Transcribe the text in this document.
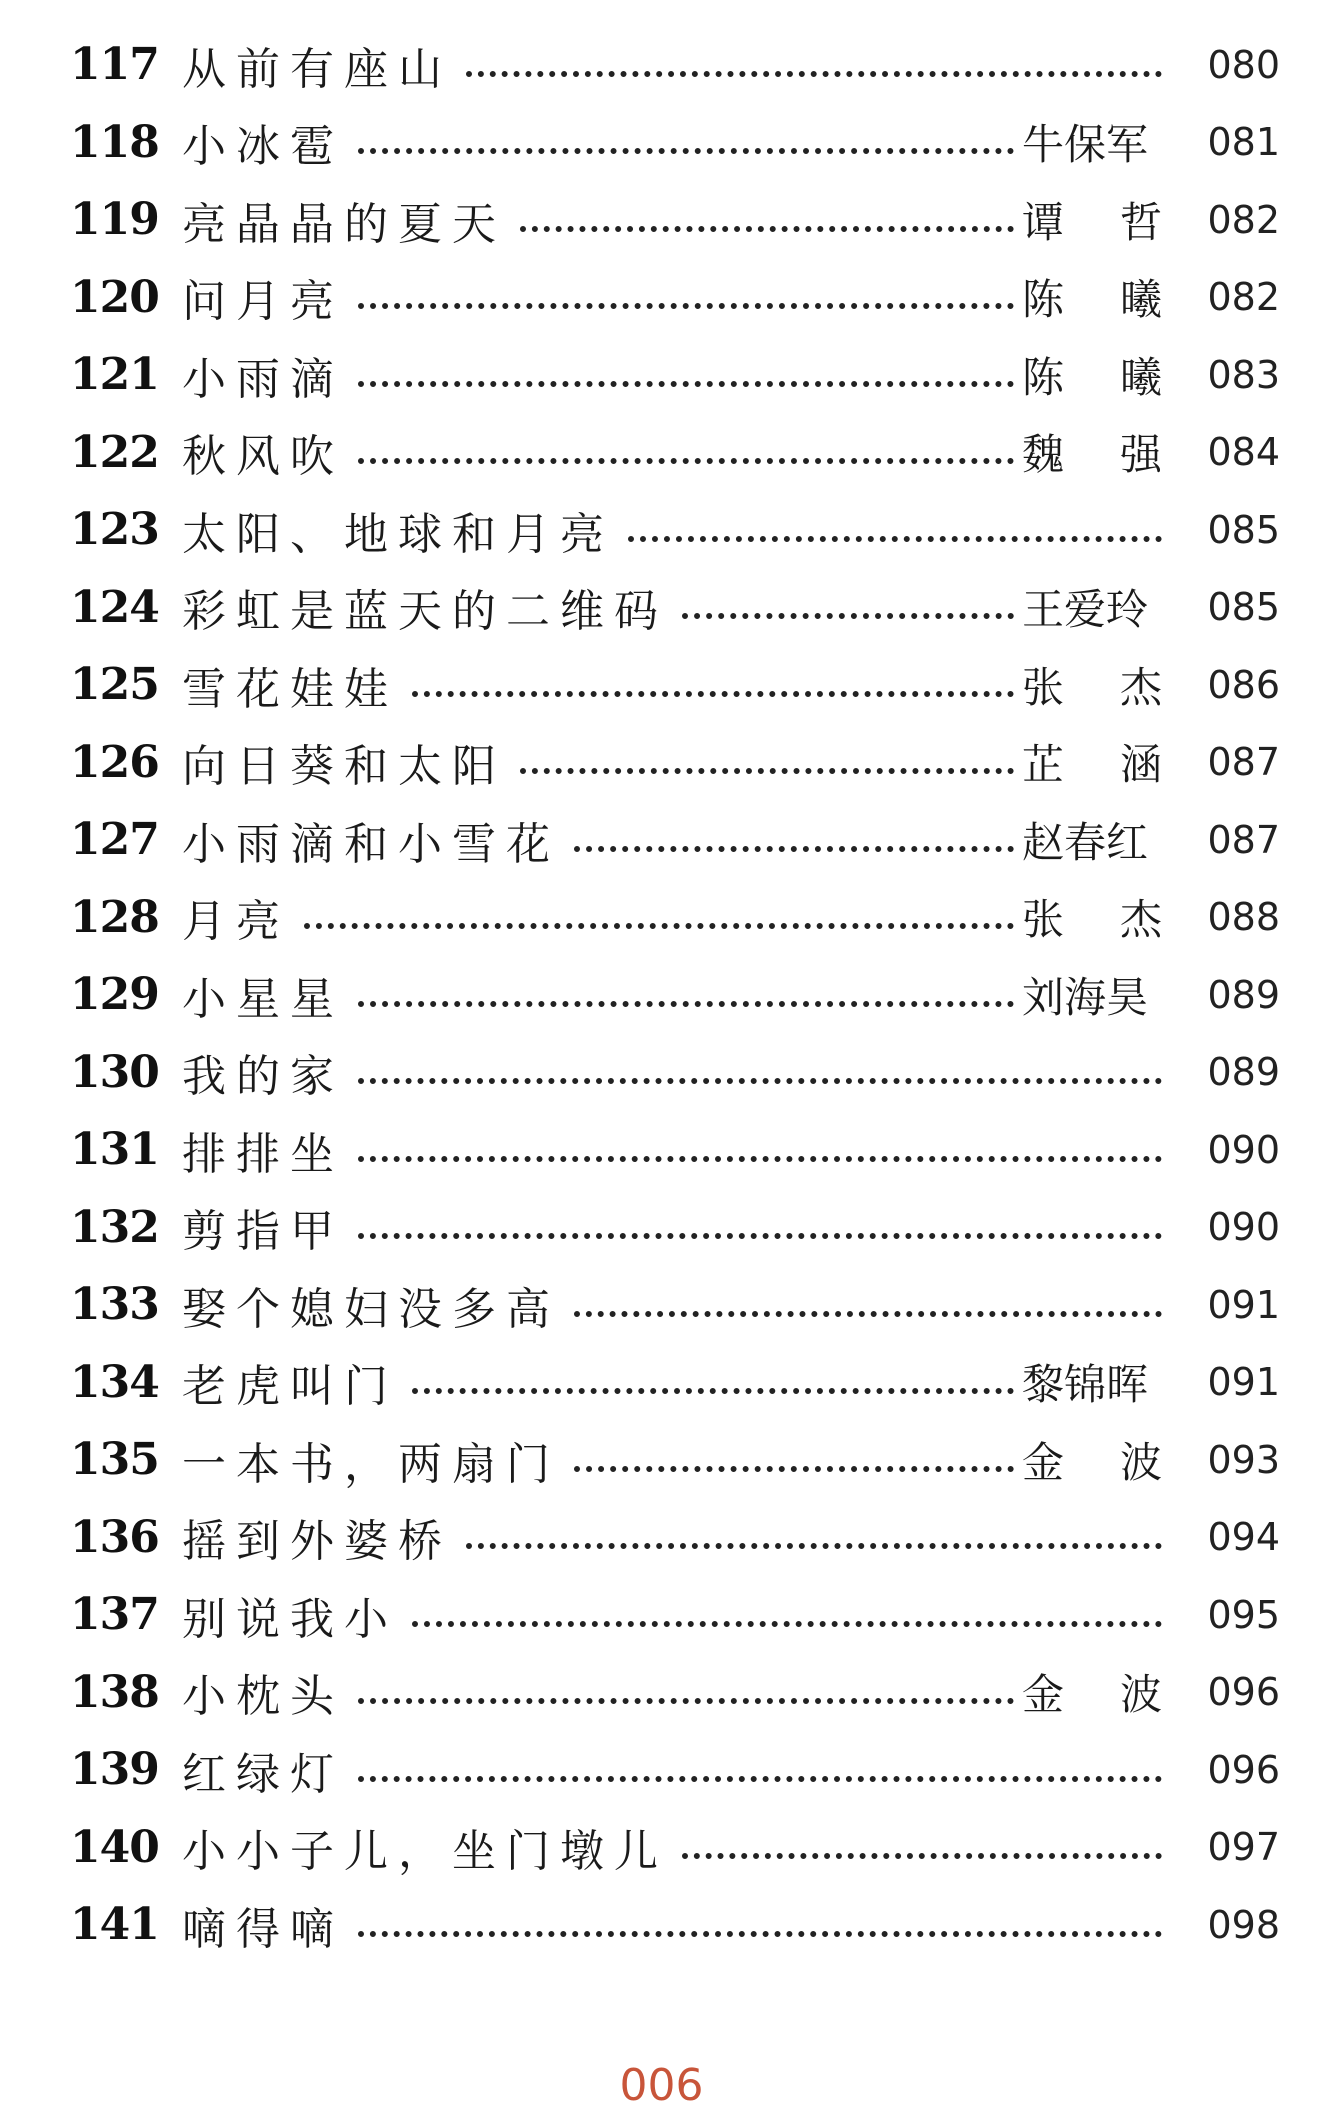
117 从前有座山	080
118 小冰雹	牛保军	081
119 亮晶晶的夏天	谭 哲	082
120 问月亮	陈 曦	082
121 小雨滴	陈 曦	083
122 秋风吹	魏 强	084
123 太阳、地球和月亮	085
124 彩虹是蓝天的二维码	王爱玲	085
125 雪花娃娃	张 杰	086
126 向日葵和太阳	芷 涵	087
127 小雨滴和小雪花	赵春红	087
128 月亮	张 杰	088
129 小星星	刘海昊	089
130 我的家	089
131 排排坐	090
132 剪指甲	090
133 娶个媳妇没多高	091
134 老虎叫门	黎锦晖	091
135 一本书，两扇门	金 波	093
136 摇到外婆桥	094
137 别说我小	095
138 小枕头	金 波	096
139 红绿灯	096
140 小小子儿，坐门墩儿	097
141 嘀得嘀	098
006
